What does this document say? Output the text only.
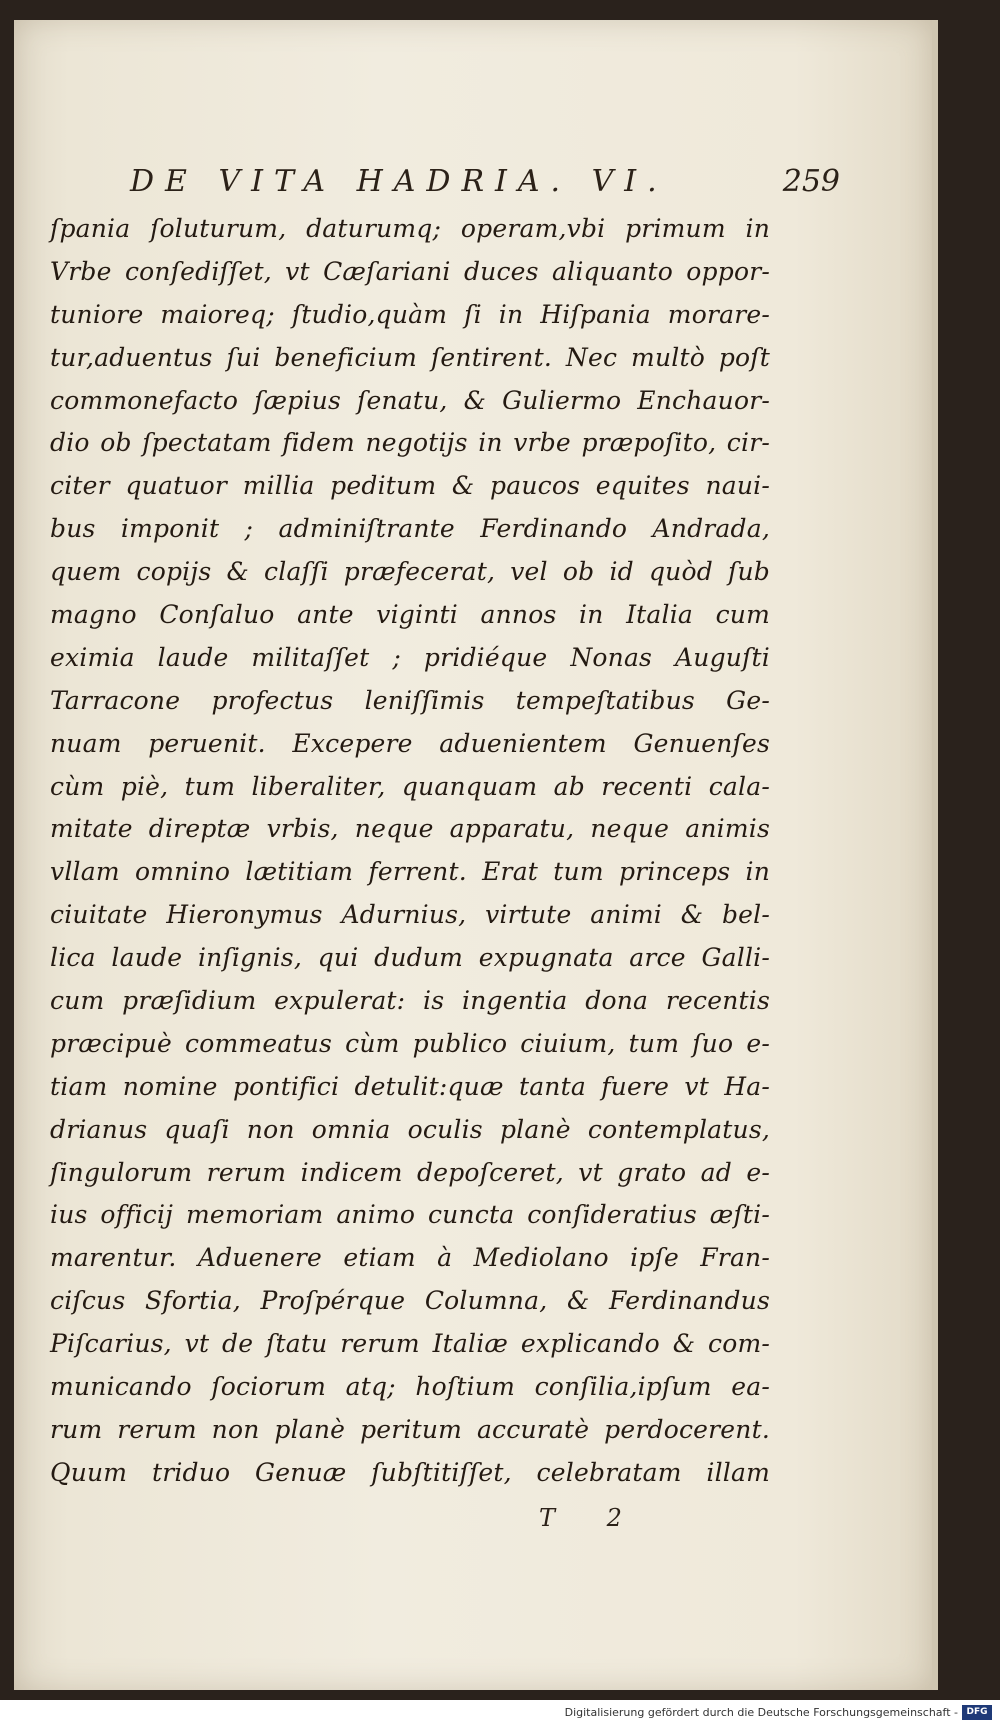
DE VITA HADRIA. VI.	259
ſpania ſoluturum, daturumq; operam,vbi primum in
Vrbe conſediſſet, vt Cæſariani duces aliquanto oppor-
tuniore maioreq; ſtudio,quàm ſi in Hiſpania morare-
tur,aduentus ſui beneficium ſentirent. Nec multò poſt
commonefacto ſæpius ſenatu, & Guliermo Enchauor-
dio ob ſpectatam fidem negotijs in vrbe præpoſito, cir-
citer quatuor millia peditum & paucos equites naui-
bus imponit ; adminiſtrante Ferdinando Andrada,
quem copijs & claſſi præfecerat, vel ob id quòd ſub
magno Conſaluo ante viginti annos in Italia cum
eximia laude militaſſet ; pridiéque Nonas Auguſti
Tarracone profectus leniſſimis tempeſtatibus Ge-
nuam peruenit. Excepere aduenientem Genuenſes
cùm piè, tum liberaliter, quanquam ab recenti cala-
mitate direptæ vrbis, neque apparatu, neque animis
vllam omnino lætitiam ferrent. Erat tum princeps in
ciuitate Hieronymus Adurnius, virtute animi & bel-
lica laude inſignis, qui dudum expugnata arce Galli-
cum præſidium expulerat: is ingentia dona recentis
præcipuè commeatus cùm publico ciuium, tum ſuo e-
tiam nomine pontifici detulit:quæ tanta fuere vt Ha-
drianus quaſi non omnia oculis planè contemplatus,
ſingulorum rerum indicem depoſceret, vt grato ad e-
ius officij memoriam animo cuncta conſideratius æſti-
marentur. Aduenere etiam à Mediolano ipſe Fran-
ciſcus Sfortia, Proſpérque Columna, & Ferdinandus
Piſcarius, vt de ſtatu rerum Italiæ explicando & com-
municando ſociorum atq; hoſtium conſilia,ipſum ea-
rum rerum non planè peritum accuratè perdocerent.
Quum triduo Genuæ ſubſtitiſſet, celebratam illam
T 2
Digitalisierung gefördert durch die Deutsche Forschungsgemeinschaft - DFG
